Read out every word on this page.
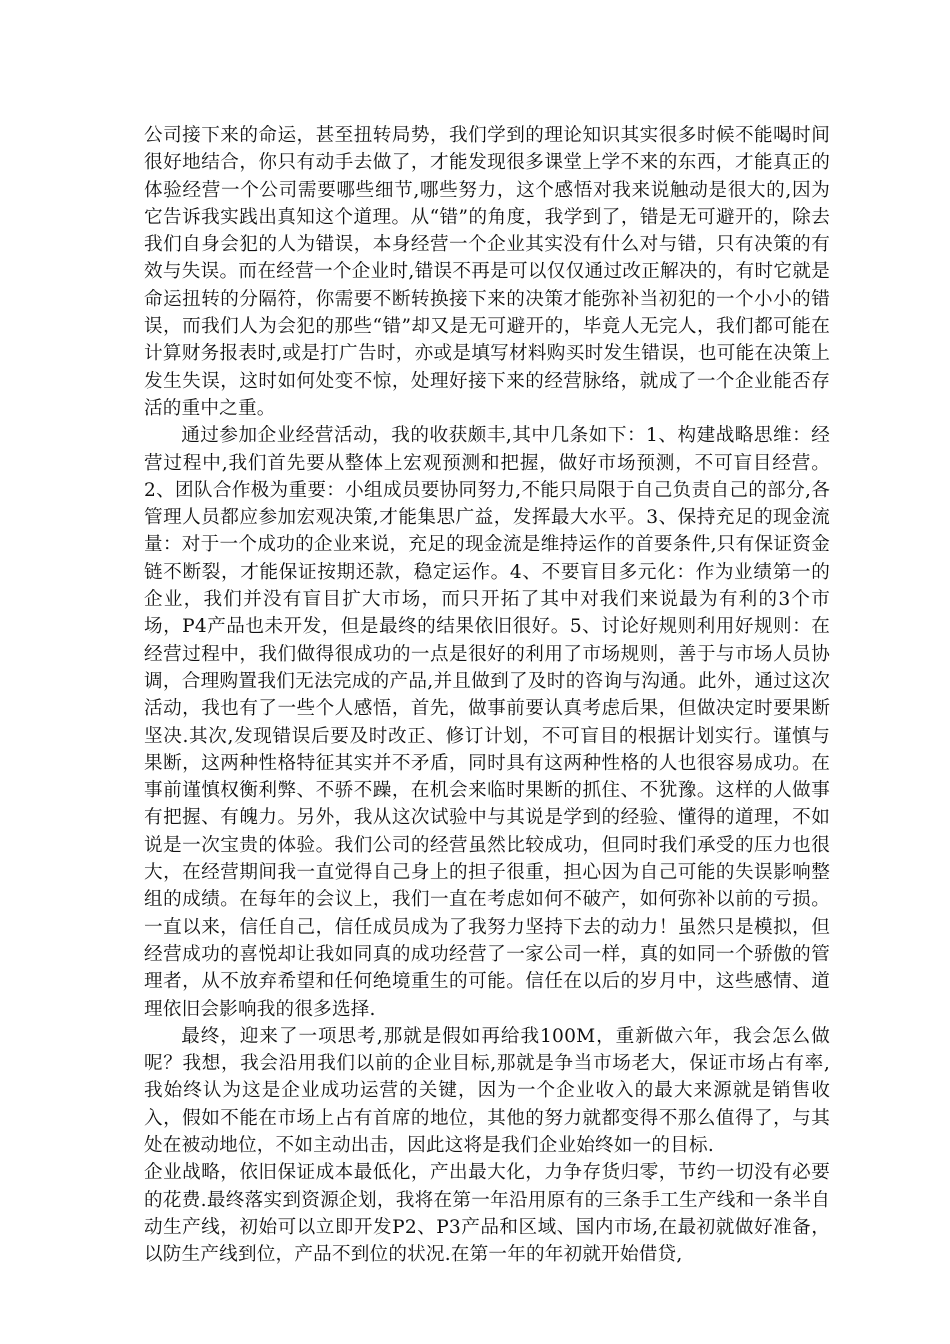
公司接下来的命运，甚至扭转局势，我们学到的理论知识其实很多时候不能喝时间很好地结合，你只有动手去做了，才能发现很多课堂上学不来的东西，才能真正的体验经营一个公司需要哪些细节,哪些努力，这个感悟对我来说触动是很大的,因为它告诉我实践出真知这个道理。从“错”的角度，我学到了，错是无可避开的，除去我们自身会犯的人为错误，本身经营一个企业其实没有什么对与错，只有决策的有效与失误。而在经营一个企业时,错误不再是可以仅仅通过改正解决的，有时它就是命运扭转的分隔符，你需要不断转换接下来的决策才能弥补当初犯的一个小小的错误，而我们人为会犯的那些“错”却又是无可避开的，毕竟人无完人，我们都可能在计算财务报表时,或是打广告时，亦或是填写材料购买时发生错误，也可能在决策上发生失误，这时如何处变不惊，处理好接下来的经营脉络，就成了一个企业能否存活的重中之重。

通过参加企业经营活动，我的收获颇丰,其中几条如下：1、构建战略思维：经营过程中,我们首先要从整体上宏观预测和把握，做好市场预测，不可盲目经营。2、团队合作极为重要：小组成员要协同努力,不能只局限于自己负责自己的部分,各管理人员都应参加宏观决策,才能集思广益，发挥最大水平。3、保持充足的现金流量：对于一个成功的企业来说，充足的现金流是维持运作的首要条件,只有保证资金链不断裂，才能保证按期还款，稳定运作。4、不要盲目多元化：作为业绩第一的企业，我们并没有盲目扩大市场，而只开拓了其中对我们来说最为有利的3个市场，P4产品也未开发，但是最终的结果依旧很好。5、讨论好规则利用好规则：在经营过程中，我们做得很成功的一点是很好的利用了市场规则，善于与市场人员协调，合理购置我们无法完成的产品,并且做到了及时的咨询与沟通。此外，通过这次活动，我也有了一些个人感悟，首先，做事前要认真考虑后果，但做决定时要果断坚决.其次,发现错误后要及时改正、修订计划，不可盲目的根据计划实行。谨慎与果断，这两种性格特征其实并不矛盾，同时具有这两种性格的人也很容易成功。在事前谨慎权衡利弊、不骄不躁，在机会来临时果断的抓住、不犹豫。这样的人做事有把握、有魄力。另外，我从这次试验中与其说是学到的经验、懂得的道理，不如说是一次宝贵的体验。我们公司的经营虽然比较成功，但同时我们承受的压力也很大，在经营期间我一直觉得自己身上的担子很重，担心因为自己可能的失误影响整组的成绩。在每年的会议上，我们一直在考虑如何不破产，如何弥补以前的亏损。一直以来，信任自己，信任成员成为了我努力坚持下去的动力！虽然只是模拟，但经营成功的喜悦却让我如同真的成功经营了一家公司一样，真的如同一个骄傲的管理者，从不放弃希望和任何绝境重生的可能。信任在以后的岁月中，这些感情、道理依旧会影响我的很多选择.

最终，迎来了一项思考,那就是假如再给我100M，重新做六年，我会怎么做呢？我想，我会沿用我们以前的企业目标,那就是争当市场老大，保证市场占有率,我始终认为这是企业成功运营的关键，因为一个企业收入的最大来源就是销售收入，假如不能在市场上占有首席的地位，其他的努力就都变得不那么值得了，与其处在被动地位，不如主动出击，因此这将是我们企业始终如一的目标.

企业战略，依旧保证成本最低化，产出最大化，力争存货归零，节约一切没有必要的花费.最终落实到资源企划，我将在第一年沿用原有的三条手工生产线和一条半自动生产线，初始可以立即开发P2、P3产品和区域、国内市场,在最初就做好准备，以防生产线到位，产品不到位的状况.在第一年的年初就开始借贷,
